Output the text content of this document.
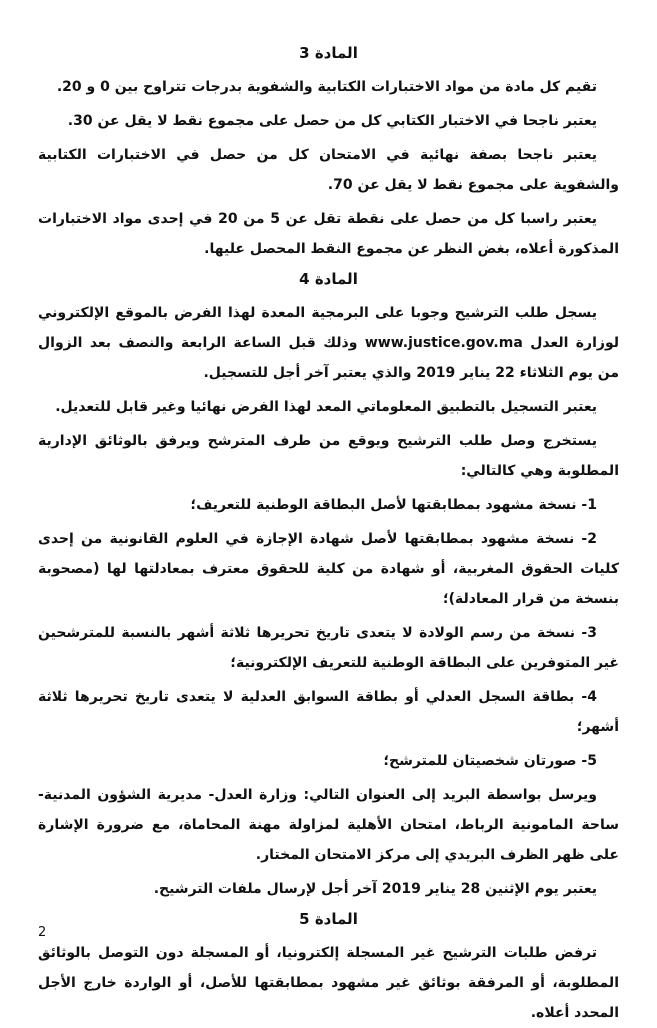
المادة 3

تقيم كل مادة من مواد الاختبارات الكتابية والشفوية بدرجات تتراوح بين 0 و 20.

يعتبر ناجحا في الاختبار الكتابي كل من حصل على مجموع نقط لا يقل عن 30.

يعتبر ناجحا بصفة نهائية في الامتحان كل من حصل في الاختبارات الكتابية والشفوية على مجموع نقط لا يقل عن 70.

يعتبر راسبا كل من حصل على نقطة تقل عن 5 من 20 في إحدى مواد الاختبارات المذكورة أعلاه، بغض النظر عن مجموع النقط المحصل عليها.

المادة 4

يسجل طلب الترشيح وجوبا على البرمجية المعدة لهذا الفرض بالموقع الإلكتروني لوزارة العدل www.justice.gov.ma وذلك قبل الساعة الرابعة والنصف بعد الزوال من يوم الثلاثاء 22 يناير 2019 والذي يعتبر آخر أجل للتسجيل.

يعتبر التسجيل بالتطبيق المعلوماتي المعد لهذا الفرض نهائيا وغير قابل للتعديل.

يستخرج وصل طلب الترشيح ويوقع من طرف المترشح ويرفق بالوثائق الإدارية المطلوبة وهي كالتالي:

1- نسخة مشهود بمطابقتها لأصل البطاقة الوطنية للتعريف؛

2- نسخة مشهود بمطابقتها لأصل شهادة الإجازة في العلوم القانونية من إحدى كليات الحقوق المغربية، أو شهادة من كلية للحقوق معترف بمعادلتها لها (مصحوبة بنسخة من قرار المعادلة)؛

3- نسخة من رسم الولادة لا يتعدى تاريخ تحريرها ثلاثة أشهر بالنسبة للمترشحين غير المتوفرين على البطاقة الوطنية للتعريف الإلكترونية؛

4- بطاقة السجل العدلي أو بطاقة السوابق العدلية لا يتعدى تاريخ تحريرها ثلاثة أشهر؛

5- صورتان شخصيتان للمترشح؛

ويرسل بواسطة البريد إلى العنوان التالي: وزارة العدل- مديرية الشؤون المدنية- ساحة المامونية الرباط، امتحان الأهلية لمزاولة مهنة المحاماة، مع ضرورة الإشارة على ظهر الظرف البريدي إلى مركز الامتحان المختار.

يعتبر يوم الإثنين 28 يناير 2019 آخر أجل لإرسال ملفات الترشيح.

المادة 5

ترفض طلبات الترشيح غير المسجلة إلكترونيا، أو المسجلة دون التوصل بالوثائق المطلوبة، أو المرفقة بوثائق غير مشهود بمطابقتها للأصل، أو الواردة خارج الأجل المحدد أعلاه.

2
